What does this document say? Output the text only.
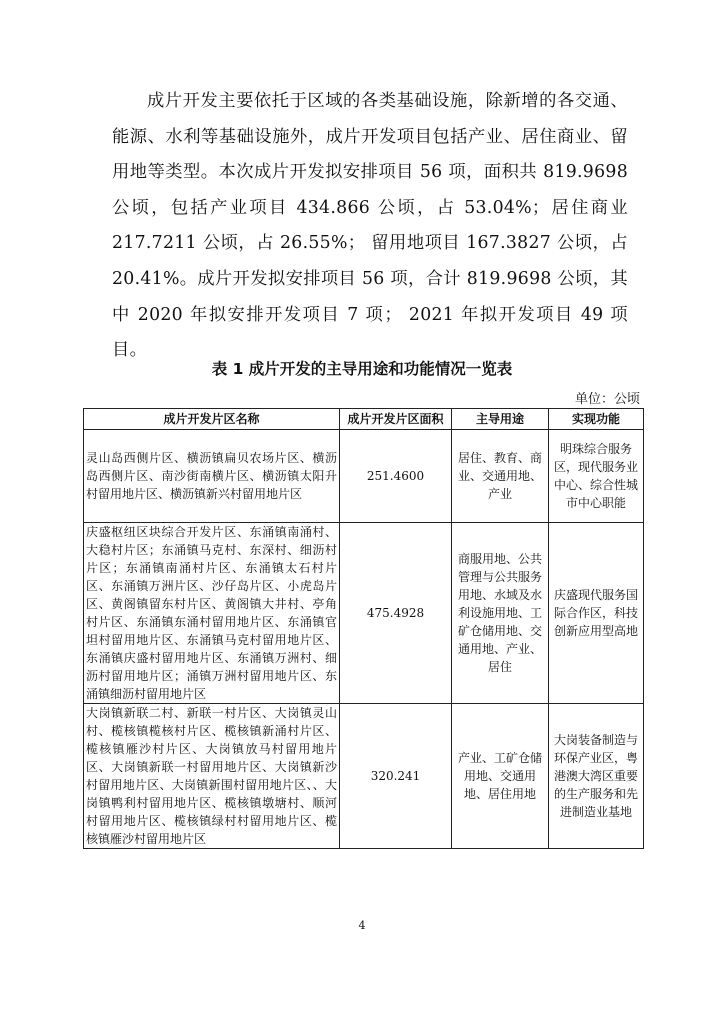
成片开发主要依托于区域的各类基础设施，除新增的各交通、能源、水利等基础设施外，成片开发项目包括产业、居住商业、留用地等类型。本次成片开发拟安排项目 56 项，面积共 819.9698 公顷，包括产业项目 434.866 公顷，占 53.04%；居住商业 217.7211 公顷，占 26.55%； 留用地项目 167.3827 公顷，占 20.41%。成片开发拟安排项目 56 项，合计 819.9698 公顷，其中 2020 年拟安排开发项目 7 项； 2021 年拟开发项目 49 项目。

表 1 成片开发的主导用途和功能情况一览表

单位：公顷

成片开发片区名称	成片开发片区面积	主导用途	实现功能
灵山岛西侧片区、横沥镇扁贝农场片区、横沥岛西侧片区、南沙街南横片区、横沥镇太阳升村留用地片区、横沥镇新兴村留用地片区	251.4600	居住、教育、商业、交通用地、产业	明珠综合服务区，现代服务业中心、综合性城市中心职能
庆盛枢纽区块综合开发片区、东涌镇南涌村、大稳村片区；东涌镇马克村、东深村、细沥村片区；东涌镇南涌村片区、东涌镇太石村片区、东涌镇万洲片区、沙仔岛片区、小虎岛片区、黄阁镇留东村片区、黄阁镇大井村、亭角村片区、东涌镇东涌村留用地片区、东涌镇官坦村留用地片区、东涌镇马克村留用地片区、东涌镇庆盛村留用地片区、东涌镇万洲村、细沥村留用地片区；涌镇万洲村留用地片区、东涌镇细沥村留用地片区	475.4928	商服用地、公共管理与公共服务用地、水域及水利设施用地、工矿仓储用地、交通用地、产业、居住	庆盛现代服务国际合作区，科技创新应用型高地
大岗镇新联二村、新联一村片区、大岗镇灵山村、榄核镇榄核村片区、榄核镇新涌村片区、榄核镇雁沙村片区、大岗镇放马村留用地片区、大岗镇新联一村留用地片区、大岗镇新沙村留用地片区、大岗镇新围村留用地片区、、大岗镇鸭利村留用地片区、榄核镇墩塘村、顺河村留用地片区、榄核镇绿村村留用地片区、榄核镇雁沙村留用地片区	320.241	产业、工矿仓储用地、交通用地、居住用地	大岗装备制造与环保产业区，粤港澳大湾区重要的生产服务和先进制造业基地

4
